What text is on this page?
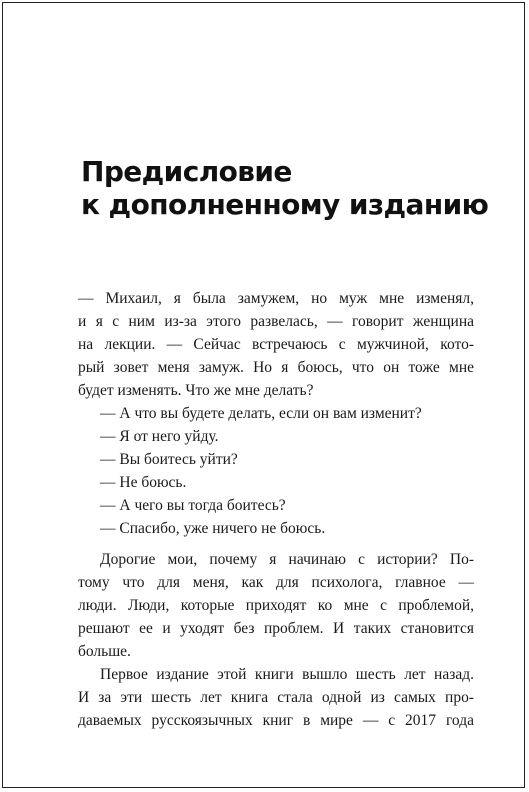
Предисловие
к дополненному изданию
— Михаил, я была замужем, но муж мне изменял,
и я с ним из-за этого развелась, — говорит женщина
на лекции. — Сейчас встречаюсь с мужчиной, кото-
рый зовет меня замуж. Но я боюсь, что он тоже мне
будет изменять. Что же мне делать?
— А что вы будете делать, если он вам изменит?
— Я от него уйду.
— Вы боитесь уйти?
— Не боюсь.
— А чего вы тогда боитесь?
— Спасибо, уже ничего не боюсь.
Дорогие мои, почему я начинаю с истории? По-
тому что для меня, как для психолога, главное —
люди. Люди, которые приходят ко мне с проблемой,
решают ее и уходят без проблем. И таких становится
больше.
Первое издание этой книги вышло шесть лет назад.
И за эти шесть лет книга стала одной из самых про-
даваемых русскоязычных книг в мире — с 2017 года
